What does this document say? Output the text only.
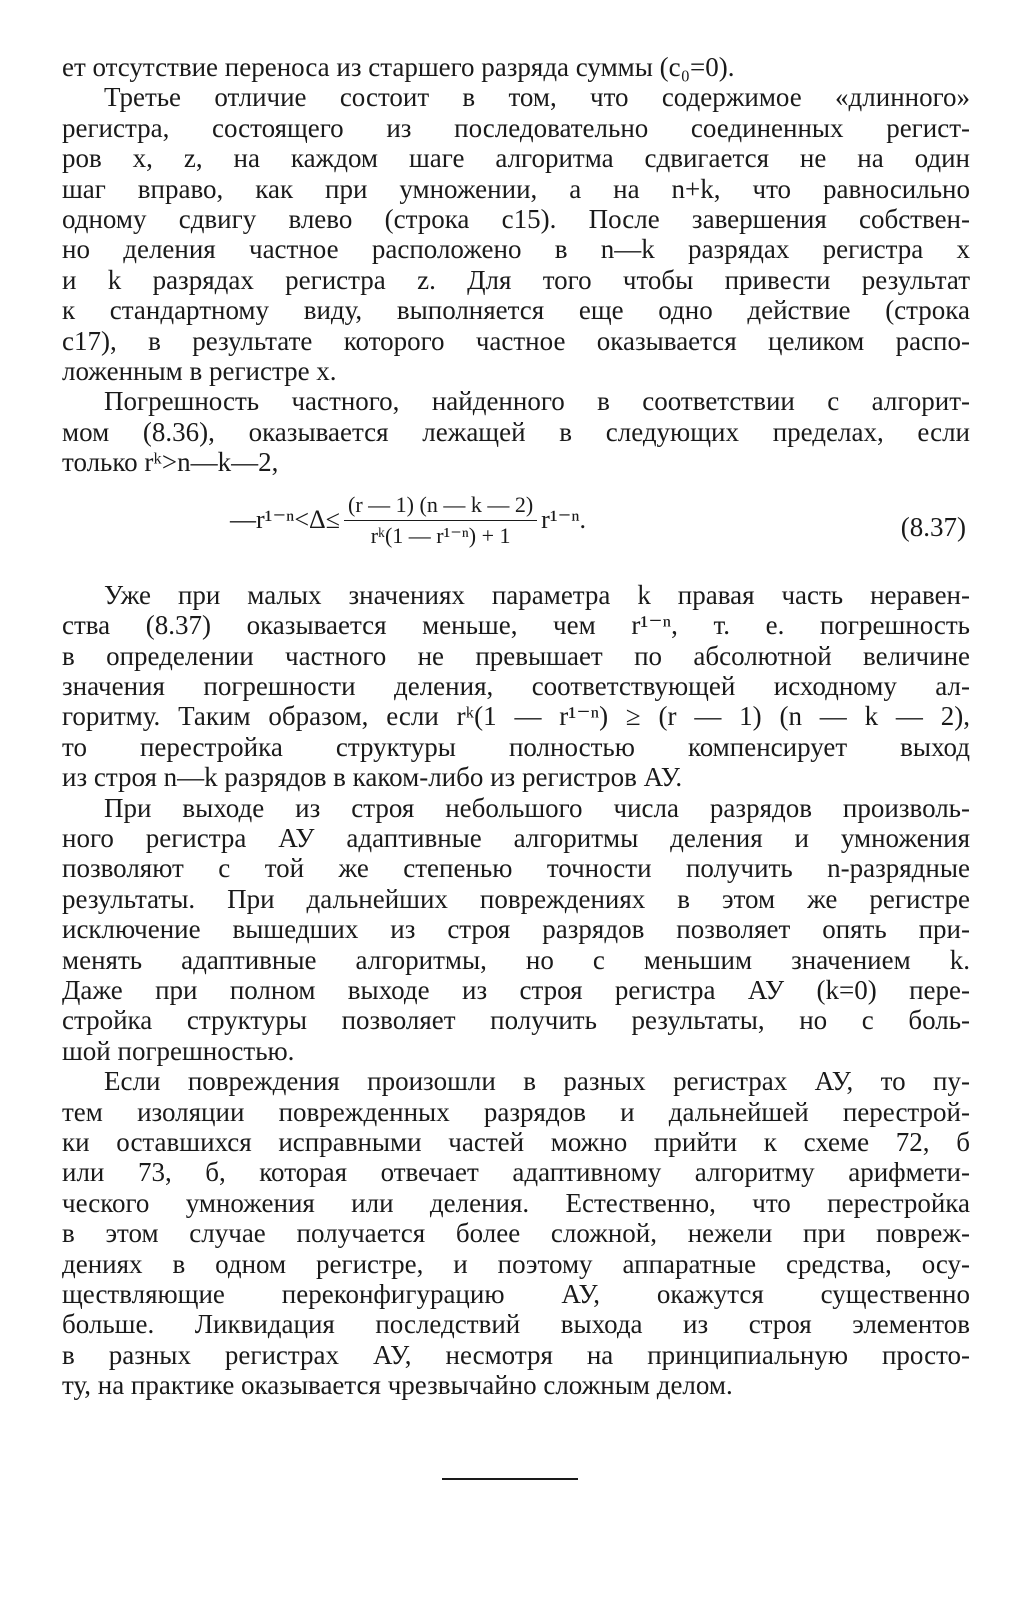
ет отсутствие переноса из старшего разряда суммы (c₀=0).
Третье отличие состоит в том, что содержимое «длинного»
регистра, состоящего из последовательно соединенных регист-
ров x, z, на каждом шаге алгоритма сдвигается не на один
шаг вправо, как при умножении, а на n+k, что равносильно
одному сдвигу влево (строка c15). После завершения собствен-
но деления частное расположено в n—k разрядах регистра x
и k разрядах регистра z. Для того чтобы привести результат
к стандартному виду, выполняется еще одно действие (строка
c17), в результате которого частное оказывается целиком распо-
ложенным в регистре x.
Погрешность частного, найденного в соответствии с алгорит-
мом (8.36), оказывается лежащей в следующих пределах, если
только rᵏ>n—k—2,
—r¹⁻ⁿ<Δ≤ $\frac{(r — 1) (n — k — 2)}{\text{rᵏ(1 — r¹⁻ⁿ) + 1}} r^{1-n}$.	(8.37)
Уже при малых значениях параметра k правая часть неравен-
ства (8.37) оказывается меньше, чем r¹⁻ⁿ, т. е. погрешность
в определении частного не превышает по абсолютной величине
значения погрешности деления, соответствующей исходному ал-
горитму. Таким образом, если rᵏ(1 — r¹⁻ⁿ) ≥ (r — 1) (n — k — 2),
то перестройка структуры полностью компенсирует выход
из строя n—k разрядов в каком-либо из регистров АУ.
При выходе из строя небольшого числа разрядов произволь-
ного регистра АУ адаптивные алгоритмы деления и умножения
позволяют с той же степенью точности получить n-разрядные
результаты. При дальнейших повреждениях в этом же регистре
исключение вышедших из строя разрядов позволяет опять при-
менять адаптивные алгоритмы, но с меньшим значением k.
Даже при полном выходе из строя регистра АУ (k=0) пере-
стройка структуры позволяет получить результаты, но с боль-
шой погрешностью.
Если повреждения произошли в разных регистрах АУ, то пу-
тем изоляции поврежденных разрядов и дальнейшей перестрой-
ки оставшихся исправными частей можно прийти к схеме 72, б
или 73, б, которая отвечает адаптивному алгоритму арифмети-
ческого умножения или деления. Естественно, что перестройка
в этом случае получается более сложной, нежели при повреж-
дениях в одном регистре, и поэтому аппаратные средства, осу-
ществляющие переконфигурацию АУ, окажутся существенно
больше. Ликвидация последствий выхода из строя элементов
в разных регистрах АУ, несмотря на принципиальную просто-
ту, на практике оказывается чрезвычайно сложным делом.
